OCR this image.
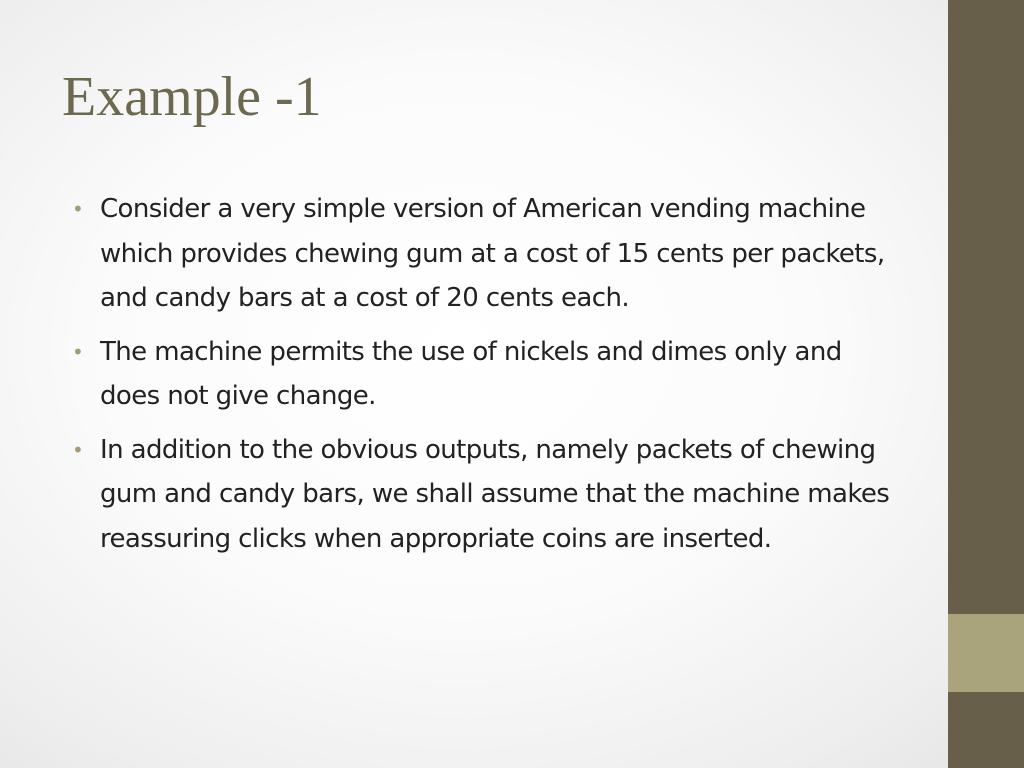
Example -1
• Consider a very simple version of American vending machine which provides chewing gum at a cost of 15 cents per packets, and candy bars at a cost of 20 cents each.
• The machine permits the use of nickels and dimes only and does not give change.
• In addition to the obvious outputs, namely packets of chewing gum and candy bars, we shall assume that the machine makes reassuring clicks when appropriate coins are inserted.
